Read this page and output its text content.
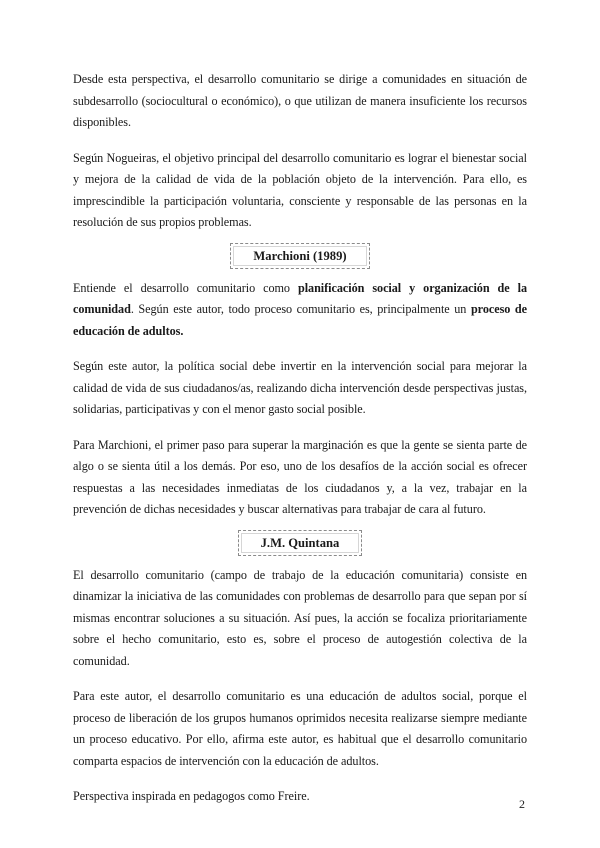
Desde esta perspectiva, el desarrollo comunitario se dirige a comunidades en situación de subdesarrollo (sociocultural o económico), o que utilizan de manera insuficiente los recursos disponibles.

Según Nogueiras, el objetivo principal del desarrollo comunitario es lograr el bienestar social y mejora de la calidad de vida de la población objeto de la intervención. Para ello, es imprescindible la participación voluntaria, consciente y responsable de las personas en la resolución de sus propios problemas.

Marchioni (1989)

Entiende el desarrollo comunitario como planificación social y organización de la comunidad. Según este autor, todo proceso comunitario es, principalmente un proceso de educación de adultos.

Según este autor, la política social debe invertir en la intervención social para mejorar la calidad de vida de sus ciudadanos/as, realizando dicha intervención desde perspectivas justas, solidarias, participativas y con el menor gasto social posible.

Para Marchioni, el primer paso para superar la marginación es que la gente se sienta parte de algo o se sienta útil a los demás. Por eso, uno de los desafíos de la acción social es ofrecer respuestas a las necesidades inmediatas de los ciudadanos y, a la vez, trabajar en la prevención de dichas necesidades y buscar alternativas para trabajar de cara al futuro.

J.M. Quintana

El desarrollo comunitario (campo de trabajo de la educación comunitaria) consiste en dinamizar la iniciativa de las comunidades con problemas de desarrollo para que sepan por sí mismas encontrar soluciones a su situación. Así pues, la acción se focaliza prioritariamente sobre el hecho comunitario, esto es, sobre el proceso de autogestión colectiva de la comunidad.

Para este autor, el desarrollo comunitario es una educación de adultos social, porque el proceso de liberación de los grupos humanos oprimidos necesita realizarse siempre mediante un proceso educativo. Por ello, afirma este autor, es habitual que el desarrollo comunitario comparta espacios de intervención con la educación de adultos.

Perspectiva inspirada en pedagogos como Freire.

2
